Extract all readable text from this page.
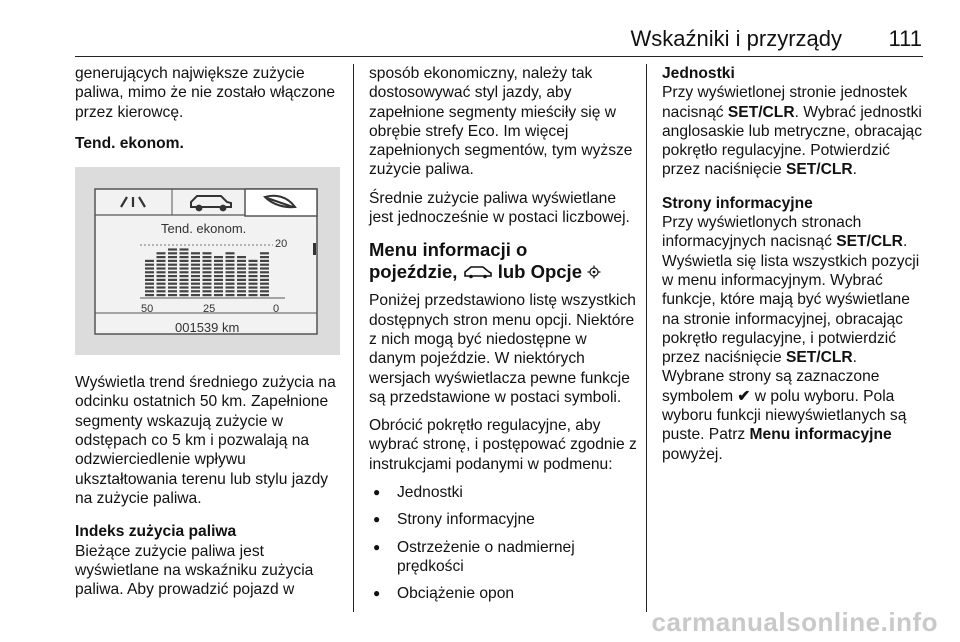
Wskaźniki i przyrządy 111

generujących największe zużycie paliwa, mimo że nie zostało włączone przez kierowcę.

Tend. ekonom.

Tend. ekonom.
20
50	25	0
001539 km

Wyświetla trend średniego zużycia na odcinku ostatnich 50 km. Zapełnione segmenty wskazują zużycie w odstępach co 5 km i pozwalają na odzwierciedlenie wpływu ukształtowania terenu lub stylu jazdy na zużycie paliwa.

Indeks zużycia paliwa

Bieżące zużycie paliwa jest wyświetlane na wskaźniku zużycia paliwa. Aby prowadzić pojazd w

sposób ekonomiczny, należy tak dostosowywać styl jazdy, aby zapełnione segmenty mieściły się w obrębie strefy Eco. Im więcej zapełnionych segmentów, tym wyższe zużycie paliwa.

Średnie zużycie paliwa wyświetlane jest jednocześnie w postaci liczbowej.

Menu informacji o
pojeździe, lub Opcje

Poniżej przedstawiono listę wszystkich dostępnych stron menu opcji. Niektóre z nich mogą być niedostępne w danym pojeździe. W niektórych wersjach wyświetlacza pewne funkcje są przedstawione w postaci symboli.

Obrócić pokrętło regulacyjne, aby wybrać stronę, i postępować zgodnie z instrukcjami podanymi w podmenu:

● Jednostki
● Strony informacyjne
● Ostrzeżenie o nadmiernej prędkości
● Obciążenie opon

Jednostki

Przy wyświetlonej stronie jednostek nacisnąć SET/CLR. Wybrać jednostki anglosaskie lub metryczne, obracając pokrętło regulacyjne. Potwierdzić przez naciśnięcie SET/CLR.

Strony informacyjne

Przy wyświetlonych stronach informacyjnych nacisnąć SET/CLR. Wyświetla się lista wszystkich pozycji w menu informacyjnym. Wybrać funkcje, które mają być wyświetlane na stronie informacyjnej, obracając pokrętło regulacyjne, i potwierdzić przez naciśnięcie SET/CLR.

Wybrane strony są zaznaczone symbolem ✔ w polu wyboru. Pola wyboru funkcji niewyświetlanych są puste. Patrz Menu informacyjne powyżej.

carmanualsonline.info
